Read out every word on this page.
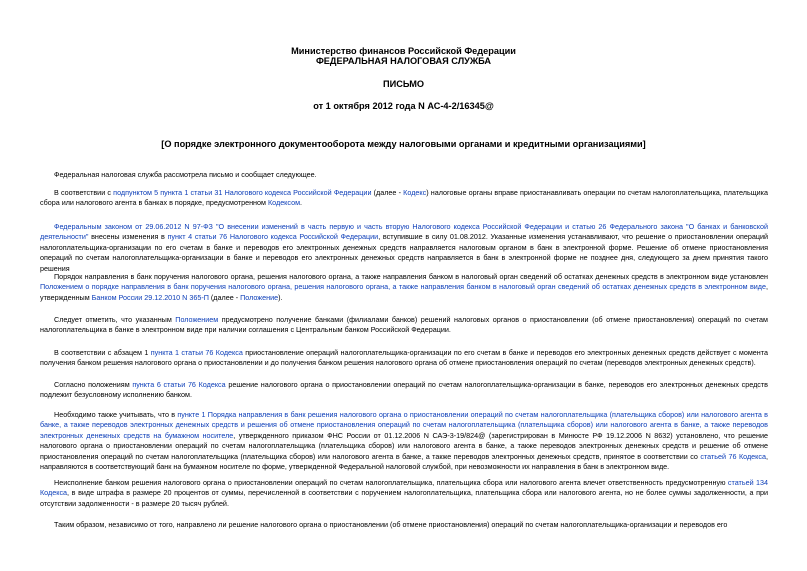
Министерство финансов Российской Федерации
ФЕДЕРАЛЬНАЯ НАЛОГОВАЯ СЛУЖБА
ПИСЬМО
от 1 октября 2012 года N АС-4-2/16345@
[О порядке электронного документооборота между налоговыми органами и кредитными организациями]

Федеральная налоговая служба рассмотрела письмо и сообщает следующее.

В соответствии с подпунктом 5 пункта 1 статьи 31 Налогового кодекса Российской Федерации (далее - Кодекс) налоговые органы вправе приостанавливать операции по счетам налогоплательщика, плательщика сбора или налогового агента в банках в порядке, предусмотренном Кодексом.

Федеральным законом от 29.06.2012 N 97-ФЗ "О внесении изменений в часть первую и часть вторую Налогового кодекса Российской Федерации и статью 26 Федерального закона "О банках и банковской деятельности" внесены изменения в пункт 4 статьи 76 Налогового кодекса Российской Федерации, вступившие в силу 01.08.2012. Указанные изменения устанавливают, что решение о приостановлении операций налогоплательщика-организации по его счетам в банке и переводов его электронных денежных средств направляется налоговым органом в банк в электронной форме. Решение об отмене приостановления операций по счетам налогоплательщика-организации в банке и переводов его электронных денежных средств направляется в банк в электронной форме не позднее дня, следующего за днем принятия такого решения

Порядок направления в банк поручения налогового органа, решения налогового органа, а также направления банком в налоговый орган сведений об остатках денежных средств в электронном виде установлен Положением о порядке направления в банк поручения налогового органа, решения налогового органа, а также направления банком в налоговый орган сведений об остатках денежных средств в электронном виде, утвержденным Банком России 29.12.2010 N 365-П (далее - Положение).

Следует отметить, что указанным Положением предусмотрено получение банками (филиалами банков) решений налоговых органов о приостановлении (об отмене приостановления) операций по счетам налогоплательщика в банке в электронном виде при наличии соглашения с Центральным банком Российской Федерации.

В соответствии с абзацем 1 пункта 1 статьи 76 Кодекса приостановление операций налогоплательщика-организации по его счетам в банке и переводов его электронных денежных средств действует с момента получения банком решения налогового органа о приостановлении и до получения банком решения налогового органа об отмене приостановления операций по счетам (переводов электронных денежных средств).

Согласно положениям пункта 6 статьи 76 Кодекса решение налогового органа о приостановлении операций по счетам налогоплательщика-организации в банке, переводов его электронных денежных средств подлежит безусловному исполнению банком.

Необходимо также учитывать, что в пункте 1 Порядка направления в банк решения налогового органа о приостановлении операций по счетам налогоплательщика (плательщика сборов) или налогового агента в банке, а также переводов электронных денежных средств и решения об отмене приостановления операций по счетам налогоплательщика (плательщика сборов) или налогового агента в банке, а также переводов электронных денежных средств на бумажном носителе, утвержденного приказом ФНС России от 01.12.2006 N САЭ-3-19/824@ (зарегистрирован в Минюсте РФ 19.12.2006 N 8632) установлено, что решение налогового органа о приостановлении операций по счетам налогоплательщика (плательщика сборов) или налогового агента в банке, а также переводов электронных денежных средств и решение об отмене приостановления операций по счетам налогоплательщика (плательщика сборов) или налогового агента в банке, а также переводов электронных денежных средств, принятое в соответствии со статьей 76 Кодекса, направляются в соответствующий банк на бумажном носителе по форме, утвержденной Федеральной налоговой службой, при невозможности их направления в банк в электронном виде.

Неисполнение банком решения налогового органа о приостановлении операций по счетам налогоплательщика, плательщика сбора или налогового агента влечет ответственность предусмотренную статьей 134 Кодекса, в виде штрафа в размере 20 процентов от суммы, перечисленной в соответствии с поручением налогоплательщика, плательщика сбора или налогового агента, но не более суммы задолженности, а при отсутствии задолженности - в размере 20 тысяч рублей.

Таким образом, независимо от того, направлено ли решение налогового органа о приостановлении (об отмене приостановления) операций по счетам налогоплательщика-организации и переводов его
